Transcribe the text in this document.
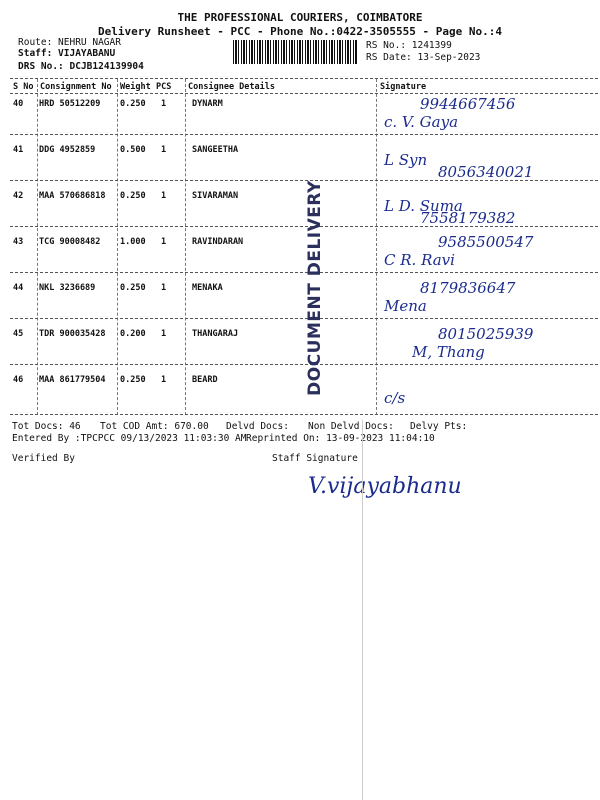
THE PROFESSIONAL COURIERS, COIMBATORE
Delivery Runsheet - PCC - Phone No.:0422-3505555 - Page No.:4
Route: NEHRU NAGAR
Staff: VIJAYABANU
DRS No.: DCJB124139904
RS No.: 1241399
RS Date: 13-Sep-2023
S No Consignment No Weight PCS Consignee Details	Signature
40 HRD 50512209 0.250 1	DYNARM	9944667456
c. V. Gaya
41 DDG 4952859	0.500 1	SANGEETHA
8056340021
L Syn
42 MAA 570686818 0.250 1	SIVARAMAN
7558179382
L D. Suma
43 TCG 90008482 1.000 1	RAVINDARAN	9585500547
C R. Ravi
44 NKL 3236689	0.250 1	MENAKA	8179836647
Mena
45 TDR 900035428 0.200 1	THANGARAJ	8015025939
M, Thang
46 MAA 861779504 0.250 1	BEARD
c/s
DOCUMENT DELIVERY
Tot Docs: 46 Tot COD Amt: 670.00 Delvd Docs: Non Delvd Docs: Delvy Pts:
Entered By :TPCPCC 09/13/2023 11:03:30 AM Reprinted On: 13-09-2023 11:04:10
Verified By	Staff Signature
V.vijayabhanu
